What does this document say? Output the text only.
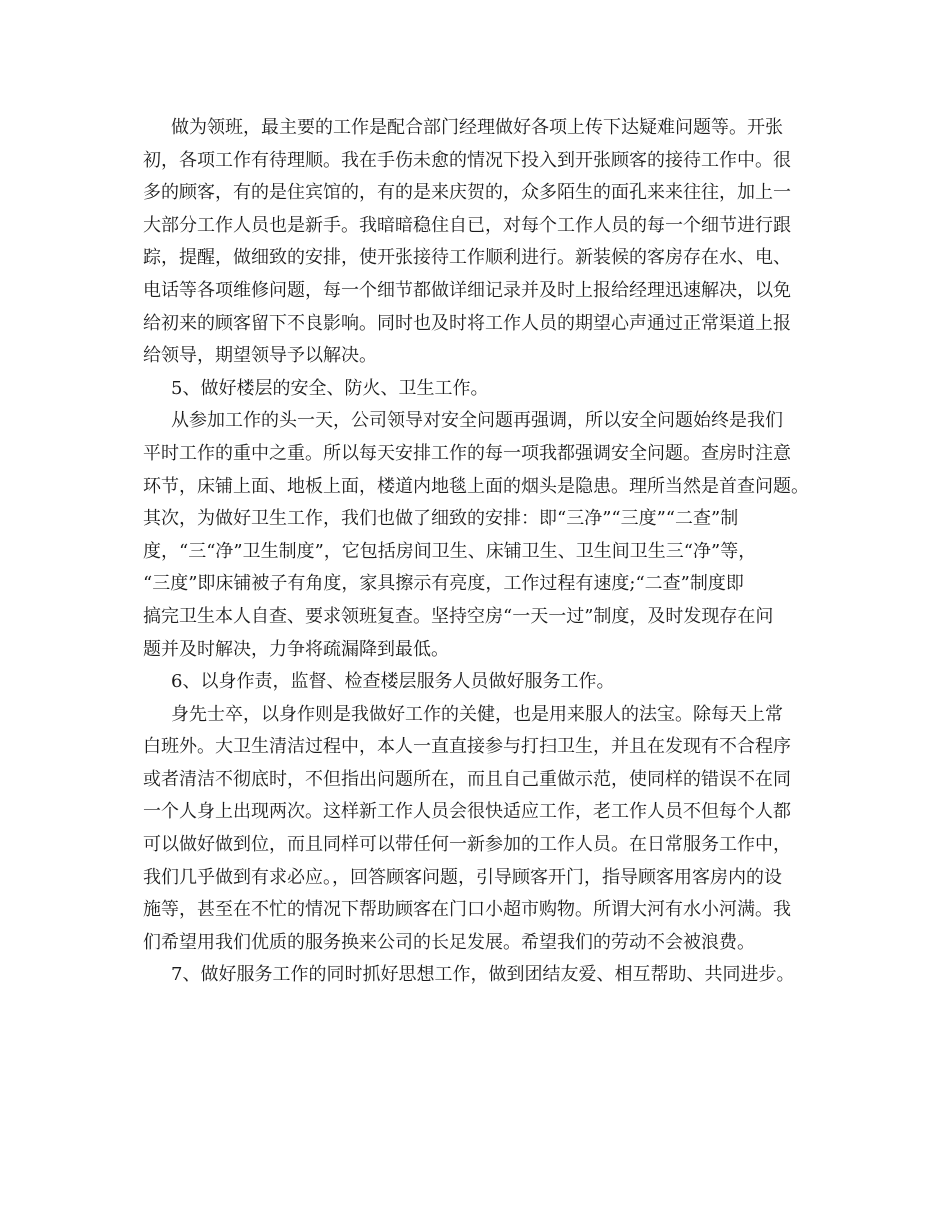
做为领班，最主要的工作是配合部门经理做好各项上传下达疑难问题等。开张
初，各项工作有待理顺。我在手伤未愈的情况下投入到开张顾客的接待工作中。很
多的顾客，有的是住宾馆的，有的是来庆贺的，众多陌生的面孔来来往往，加上一
大部分工作人员也是新手。我暗暗稳住自已，对每个工作人员的每一个细节进行跟
踪，提醒，做细致的安排，使开张接待工作顺利进行。新装候的客房存在水、电、
电话等各项维修问题，每一个细节都做详细记录并及时上报给经理迅速解决，以免
给初来的顾客留下不良影响。同时也及时将工作人员的期望心声通过正常渠道上报
给领导，期望领导予以解决。
5、做好楼层的安全、防火、卫生工作。
从参加工作的头一天，公司领导对安全问题再强调，所以安全问题始终是我们
平时工作的重中之重。所以每天安排工作的每一项我都强调安全问题。查房时注意
环节，床铺上面、地板上面，楼道内地毯上面的烟头是隐患。理所当然是首查问题。
其次，为做好卫生工作，我们也做了细致的安排：即“三净”“三度”“二查”制
度，“三“净”卫生制度”，它包括房间卫生、床铺卫生、卫生间卫生三“净”等，
“三度”即床铺被子有角度，家具擦示有亮度，工作过程有速度;“二查”制度即
搞完卫生本人自查、要求领班复查。坚持空房“一天一过”制度，及时发现存在问
题并及时解决，力争将疏漏降到最低。
6、以身作责，监督、检查楼层服务人员做好服务工作。
身先士卒，以身作则是我做好工作的关健，也是用来服人的法宝。除每天上常
白班外。大卫生清洁过程中，本人一直直接参与打扫卫生，并且在发现有不合程序
或者清洁不彻底时，不但指出问题所在，而且自己重做示范，使同样的错误不在同
一个人身上出现两次。这样新工作人员会很快适应工作，老工作人员不但每个人都
可以做好做到位，而且同样可以带任何一新参加的工作人员。在日常服务工作中，
我们几乎做到有求必应。，回答顾客问题，引导顾客开门，指导顾客用客房内的设
施等，甚至在不忙的情况下帮助顾客在门口小超市购物。所谓大河有水小河满。我
们希望用我们优质的服务换来公司的长足发展。希望我们的劳动不会被浪费。
7、做好服务工作的同时抓好思想工作，做到团结友爱、相互帮助、共同进步。
